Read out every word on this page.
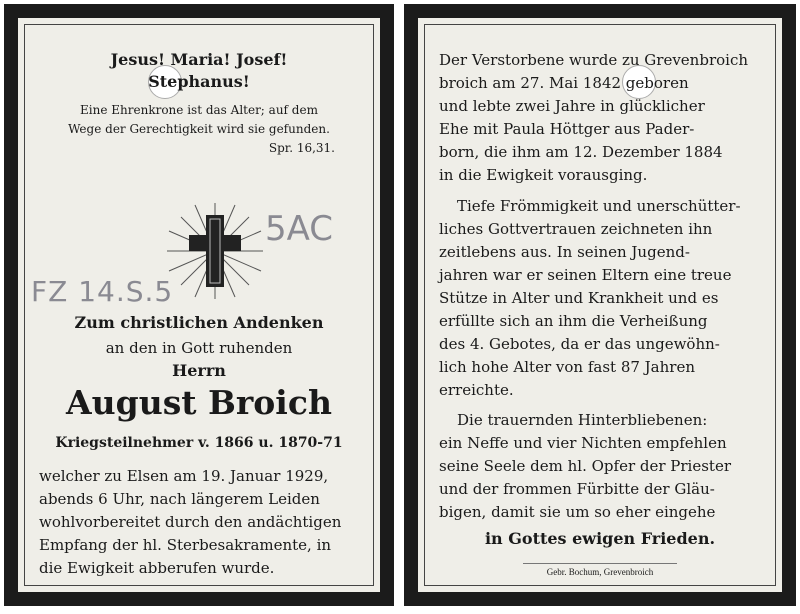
Jesus! Maria! Josef!
Stephanus!
Eine Ehrenkrone ist das Alter; auf dem
Wege der Gerechtigkeit wird sie gefunden.
Spr. 16,31.
5AC
FZ 14.S.5
Zum christlichen Andenken
an den in Gott ruhenden
Herrn
August Broich
Kriegsteilnehmer v. 1866 u. 1870-71
welcher zu Elsen am 19. Januar 1929,
abends 6 Uhr, nach längerem Leiden
wohlvorbereitet durch den andächtigen
Empfang der hl. Sterbesakramente, in
die Ewigkeit abberufen wurde.
Der Verstorbene wurde zu Grevenbroich
broich am 27. Mai 1842 geboren
und lebte zwei Jahre in glücklicher
Ehe mit Paula Höttger aus Pader-
born, die ihm am 12. Dezember 1884
in die Ewigkeit vorausging.
Tiefe Frömmigkeit und unerschütter-
liches Gottvertrauen zeichneten ihn
zeitlebens aus. In seinen Jugend-
jahren war er seinen Eltern eine treue
Stütze in Alter und Krankheit und es
erfüllte sich an ihm die Verheißung
des 4. Gebotes, da er das ungewöhn-
lich hohe Alter von fast 87 Jahren
erreichte.
Die trauernden Hinterbliebenen:
ein Neffe und vier Nichten empfehlen
seine Seele dem hl. Opfer der Priester
und der frommen Fürbitte der Gläu-
bigen, damit sie um so eher eingehe
in Gottes ewigen Frieden.
Gebr. Bochum, Grevenbroich
